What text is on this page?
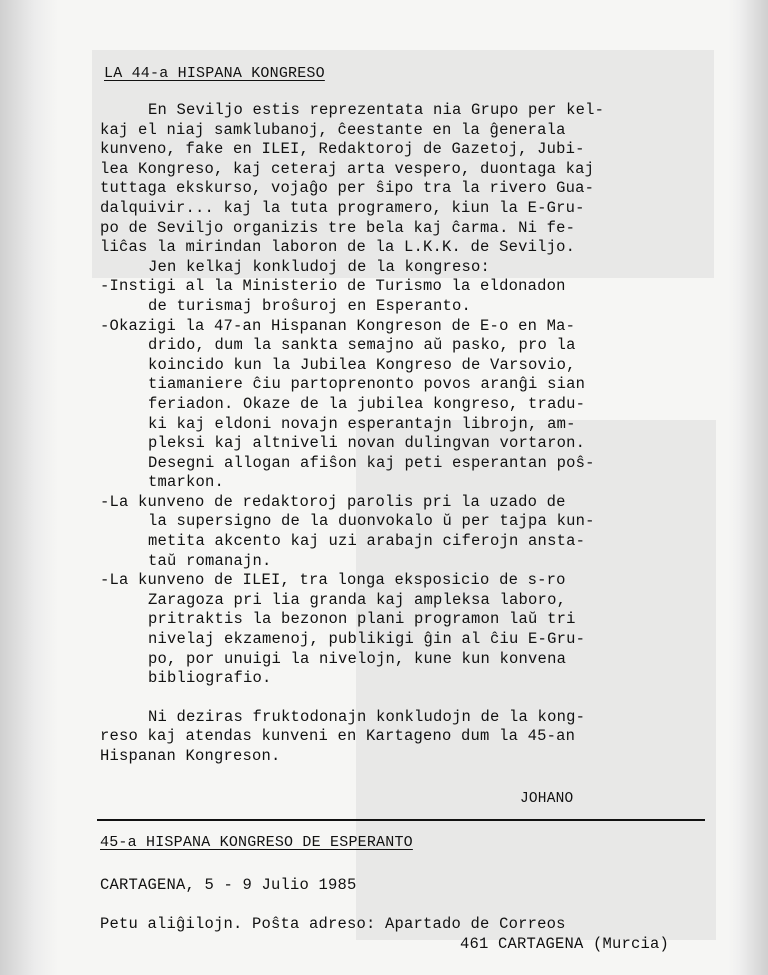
LA 44-a HISPANA KONGRESO
En Seviljo estis reprezentata nia Grupo per kel-
kaj el niaj samklubanoj, ĉeestante en la ĝenerala
kunveno, fake en ILEI, Redaktoroj de Gazetoj, Jubi-
lea Kongreso, kaj ceteraj arta vespero, duontaga kaj
tuttaga ekskurso, vojaĝo per ŝipo tra la rivero Gua-
dalquivir... kaj la tuta programero, kiun la E-Gru-
po de Seviljo organizis tre bela kaj ĉarma. Ni fe-
liĉas la mirindan laboron de la L.K.K. de Seviljo.
Jen kelkaj konkludoj de la kongreso:
-Instigi al la Ministerio de Turismo la eldonadon
de turismaj broŝuroj en Esperanto.
-Okazigi la 47-an Hispanan Kongreson de E-o en Ma-
drido, dum la sankta semajno aŭ pasko, pro la
koincido kun la Jubilea Kongreso de Varsovio,
tiamaniere ĉiu partoprenonto povos aranĝi sian
feriadon. Okaze de la jubilea kongreso, tradu-
ki kaj eldoni novajn esperantajn librojn, am-
pleksi kaj altniveli novan dulingvan vortaron.
Desegni allogan afiŝon kaj peti esperantan poŝ-
tmarkon.
-La kunveno de redaktoroj parolis pri la uzado de
la supersigno de la duonvokalo ŭ per tajpa kun-
metita akcento kaj uzi arabajn ciferojn ansta-
taŭ romanajn.
-La kunveno de ILEI, tra longa eksposicio de s-ro
Zaragoza pri lia granda kaj ampleksa laboro,
pritraktis la bezonon plani programon laŭ tri
nivelaj ekzamenoj, publikigi ĝin al ĉiu E-Gru-
po, por unuigi la nivelojn, kune kun konvena
bibliografio.
Ni deziras fruktodonajn konkludojn de la kong-
reso kaj atendas kunveni en Kartageno dum la 45-an
Hispanan Kongreson.
JOHANO
45-a HISPANA KONGRESO DE ESPERANTO
CARTAGENA, 5 - 9 Julio 1985
Petu aliĝilojn. Poŝta adreso: Apartado de Correos
461 CARTAGENA (Murcia)
